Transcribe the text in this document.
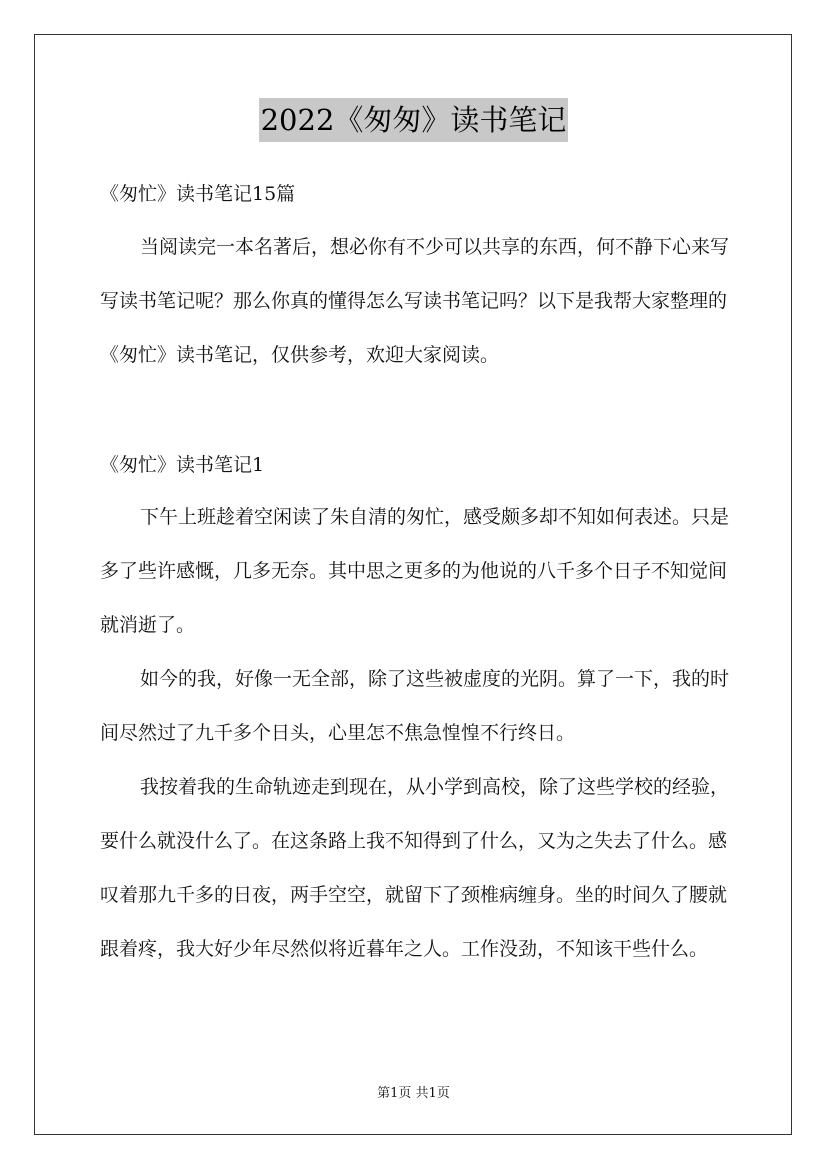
2022《匆匆》读书笔记

《匆忙》读书笔记15篇

当阅读完一本名著后，想必你有不少可以共享的东西，何不静下心来写写读书笔记呢？那么你真的懂得怎么写读书笔记吗？以下是我帮大家整理的《匆忙》读书笔记，仅供参考，欢迎大家阅读。

《匆忙》读书笔记1

下午上班趁着空闲读了朱自清的匆忙，感受颇多却不知如何表述。只是多了些许感慨，几多无奈。其中思之更多的为他说的八千多个日子不知觉间就消逝了。

如今的我，好像一无全部，除了这些被虚度的光阴。算了一下，我的时间尽然过了九千多个日头，心里怎不焦急惶惶不行终日。

我按着我的生命轨迹走到现在，从小学到高校，除了这些学校的经验，要什么就没什么了。在这条路上我不知得到了什么，又为之失去了什么。感叹着那九千多的日夜，两手空空，就留下了颈椎病缠身。坐的时间久了腰就跟着疼，我大好少年尽然似将近暮年之人。工作没劲，不知该干些什么。

第1页 共1页
